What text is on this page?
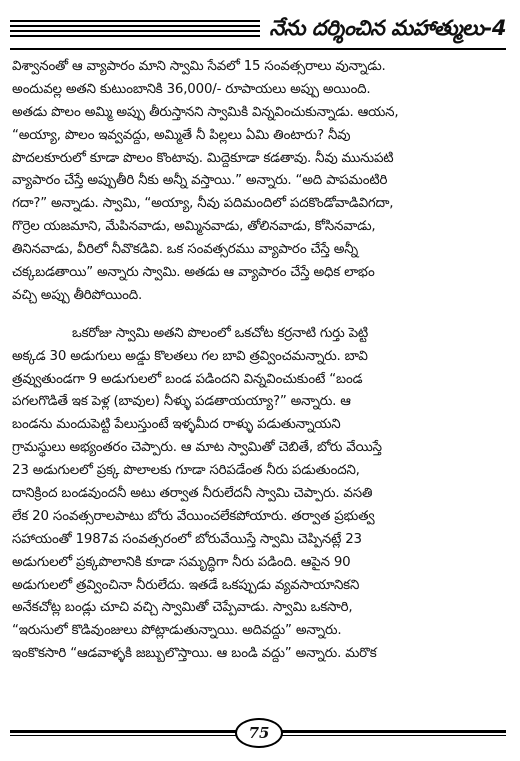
నేను దర్శించిన మహాత్ములు-4
విశ్వానంతో ఆ వ్యాపారం మాని స్వామి సేవలో 15 సంవత్సరాలు వున్నాడు.
అందువల్ల అతని కుటుంబానికి 36,000/- రూపాయలు అప్పు అయింది.
అతడు పొలం అమ్మి అప్పు తీరుస్తానని స్వామికి విన్నవించుకున్నాడు. ఆయన,
“అయ్యా, పొలం ఇవ్వవద్దు, అమ్మితే నీ పిల్లలు ఏమి తింటారు? నీవు
పొదలకూరులో కూడా పొలం కొంటావు. మిద్దెకూడా కడతావు. నీవు మునుపటి
వ్యాపారం చేస్తే అప్పుతీరి నీకు అన్నీ వస్తాయి.” అన్నారు. “అది పాపమంటిరి
గదా?” అన్నాడు. స్వామి, “అయ్యా, నీవు పదిమందిలో పదకొండోవాడివిగదా,
గొర్రెల యజమాని, మేపినవాడు, అమ్మినవాడు, తోలినవాడు, కోసినవాడు,
తినినవాడు, వీరిలో నీవొకడివి. ఒక సంవత్సరము వ్యాపారం చేస్తే అన్నీ
చక్కబడతాయి” అన్నారు స్వామి. అతడు ఆ వ్యాపారం చేస్తే అధిక లాభం
వచ్చి అప్పు తీరిపోయింది.
ఒకరోజు స్వామి అతని పొలంలో ఒకచోట కర్రనాటి గుర్తు పెట్టి
అక్కడ 30 అడుగులు అడ్డు కొలతలు గల బావి త్రవ్వించమన్నారు. బావి
త్రవ్వుతుండగా 9 అడుగులలో బండ పడిందని విన్నవించుకుంటే “బండ
పగలగొడితే ఇక పెళ్ల (బావుల) నీళ్ళు పడతాయయ్యా?” అన్నారు. ఆ
బండను మందుపెట్టి పేలుస్తుంటే ఇళ్ళమీద రాళ్ళు పడుతున్నాయని
గ్రామస్థులు అభ్యంతరం చెప్పారు. ఆ మాట స్వామితో చెబితే, బోరు వేయిస్తే
23 అడుగులలో ప్రక్క పొలాలకు గూడా సరిపడేంత నీరు పడుతుందని,
దానిక్రింద బండవుందనీ అటు తర్వాత నీరులేదనీ స్వామి చెప్పారు. వసతి
లేక 20 సంవత్సరాలపాటు బోరు వేయించలేకపోయారు. తర్వాత ప్రభుత్వ
సహాయంతో 1987వ సంవత్సరంలో బోరువేయిస్తే స్వామి చెప్పినట్లే 23
అడుగులలో ప్రక్కపొలానికి కూడా సమృద్ధిగా నీరు పడింది. ఆపైన 90
అడుగులలో త్రవ్వించినా నీరులేదు. ఇతడే ఒకప్పుడు వ్యవసాయానికని
అనేకచోట్ల బండ్లు చూచి వచ్చి స్వామితో చెప్పేవాడు. స్వామి ఒకసారి,
“ఇరుసులో కొడివుంజులు పోట్లాడుతున్నాయి. అదివద్దు” అన్నారు.
ఇంకొకసారి “ఆడవాళ్ళకి జబ్బులొస్తాయి. ఆ బండి వద్దు” అన్నారు. మరొక
75
